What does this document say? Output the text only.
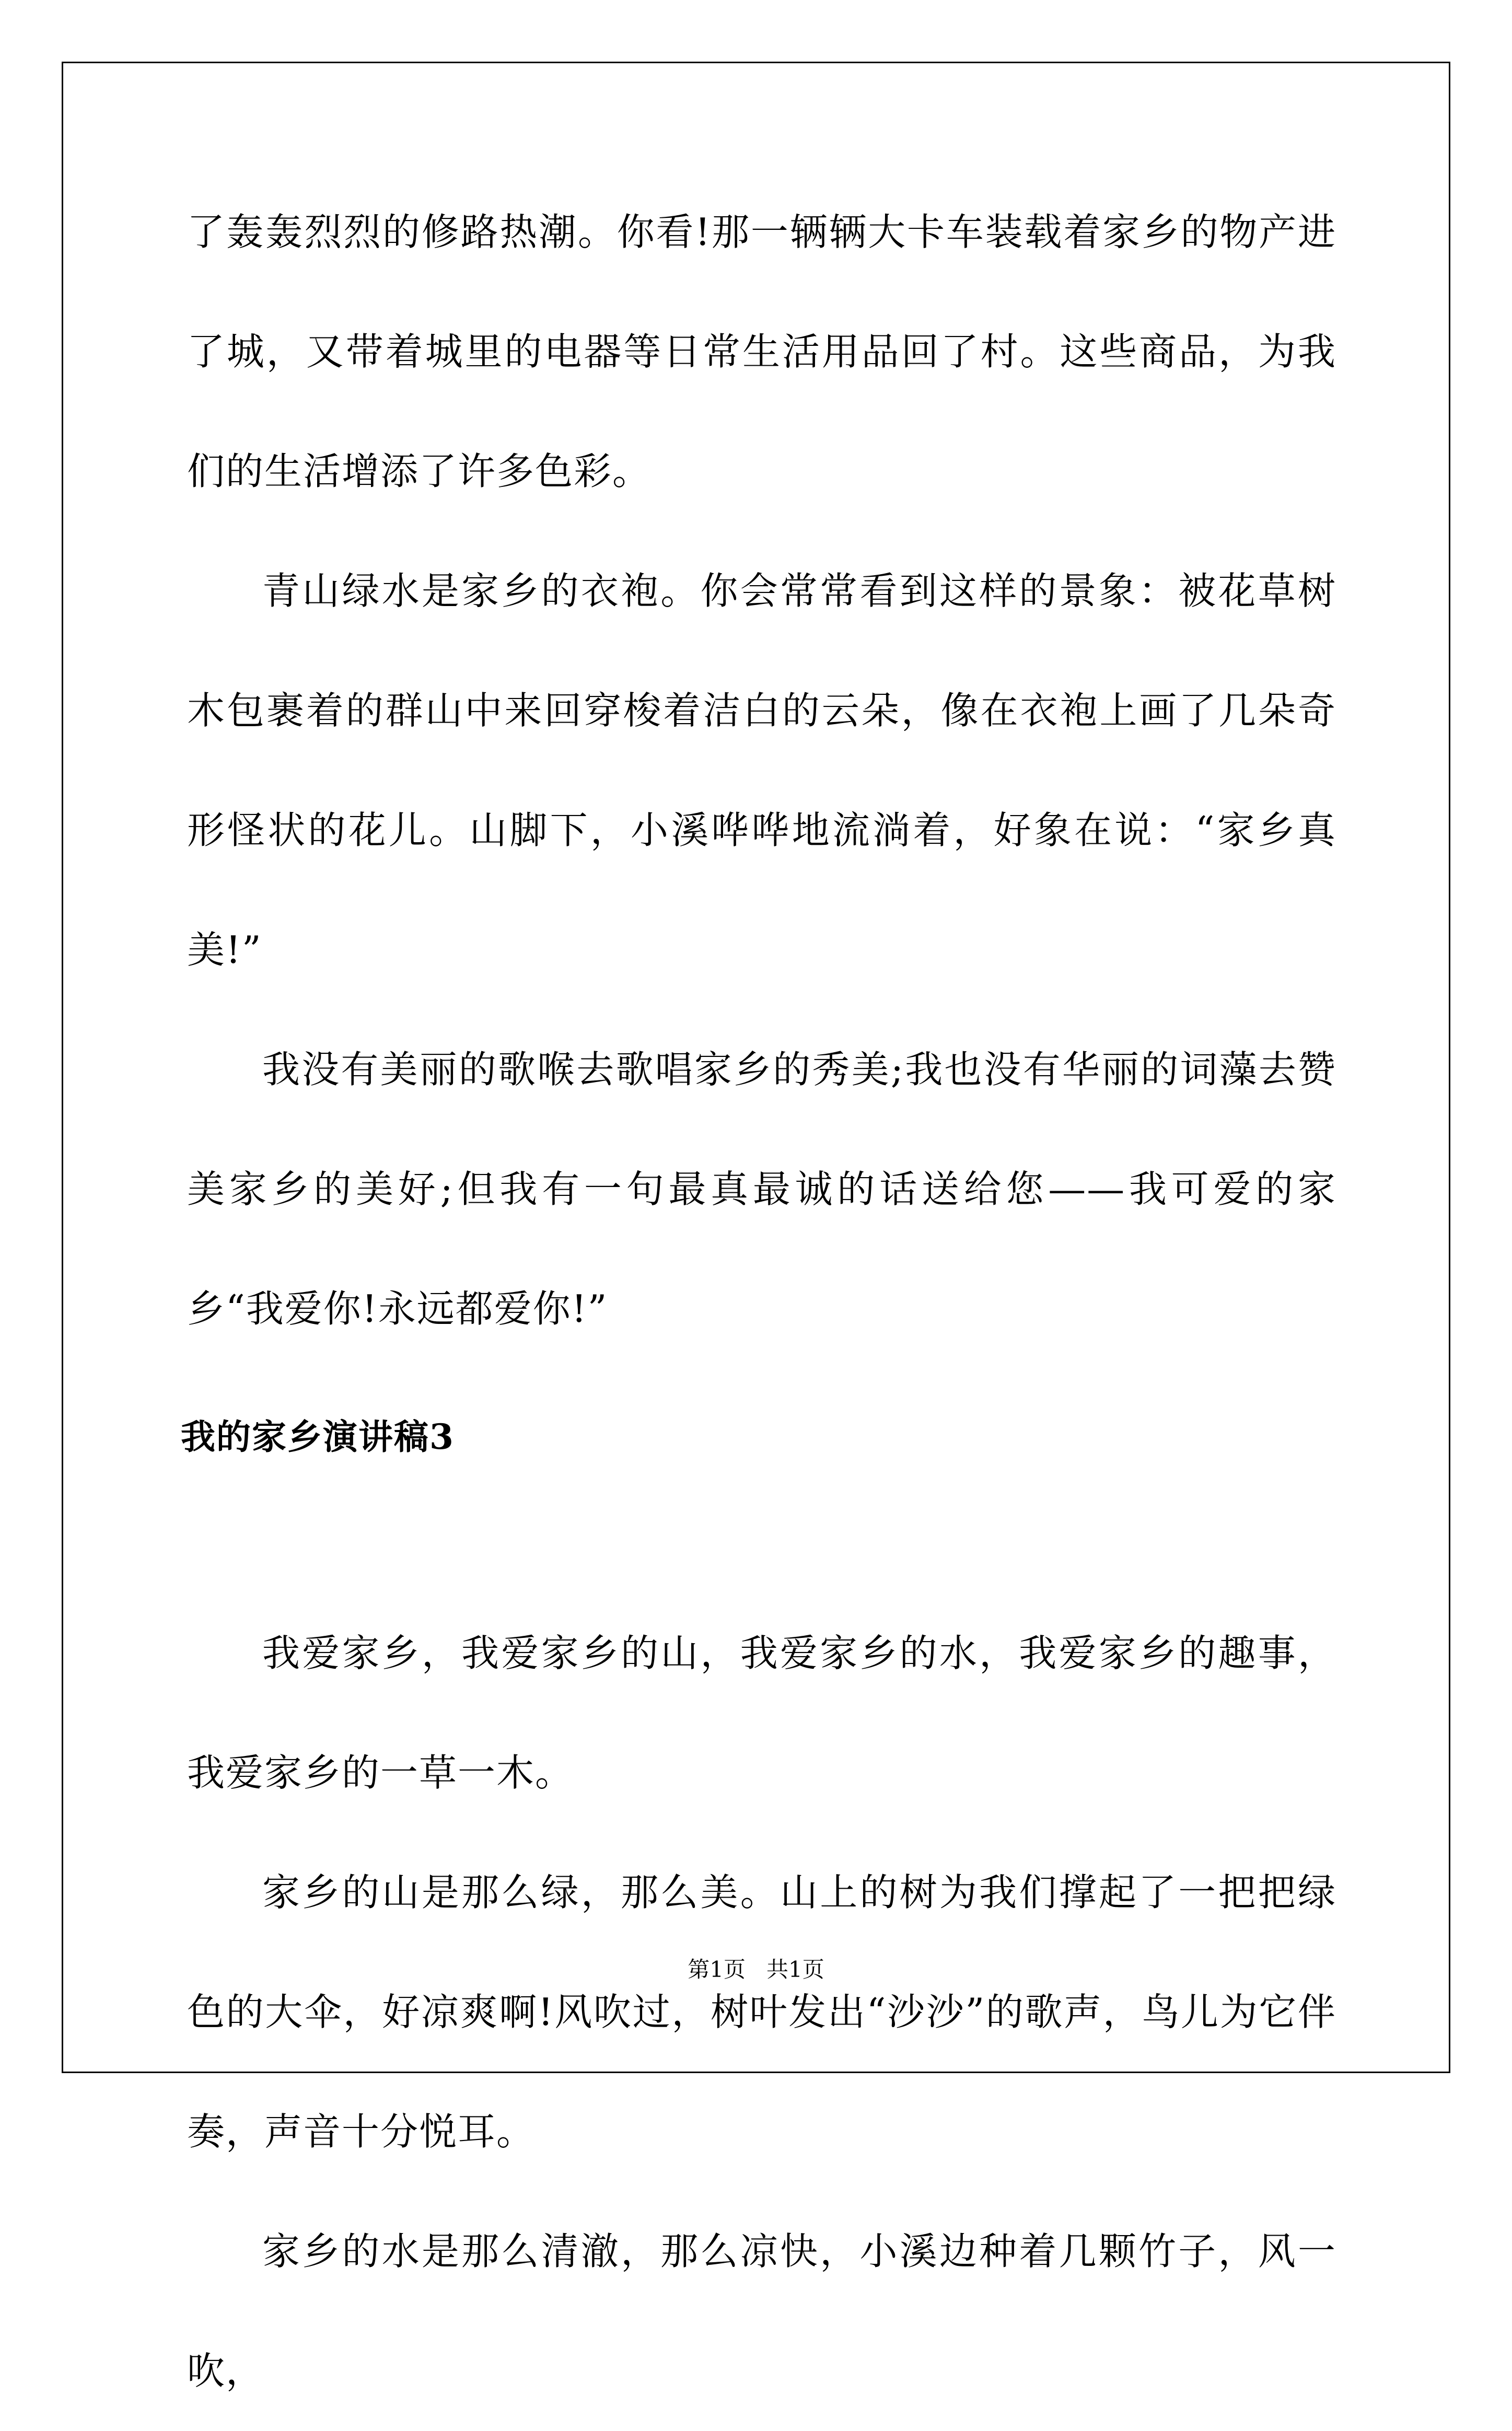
了轰轰烈烈的修路热潮。你看!那一辆辆大卡车装载着家乡的物产进了城，又带着城里的电器等日常生活用品回了村。这些商品，为我们的生活增添了许多色彩。

青山绿水是家乡的衣袍。你会常常看到这样的景象：被花草树木包裹着的群山中来回穿梭着洁白的云朵，像在衣袍上画了几朵奇形怪状的花儿。山脚下，小溪哗哗地流淌着，好象在说：“家乡真美!”

我没有美丽的歌喉去歌唱家乡的秀美;我也没有华丽的词藻去赞美家乡的美好;但我有一句最真最诚的话送给您——我可爱的家乡“我爱你!永远都爱你!”

我的家乡演讲稿3

我爱家乡，我爱家乡的山，我爱家乡的水，我爱家乡的趣事，我爱家乡的一草一木。

家乡的山是那么绿，那么美。山上的树为我们撑起了一把把绿色的大伞，好凉爽啊!风吹过，树叶发出“沙沙”的歌声，鸟儿为它伴奏，声音十分悦耳。

家乡的水是那么清澈，那么凉快，小溪边种着几颗竹子，风一吹，

第1页   共1页
